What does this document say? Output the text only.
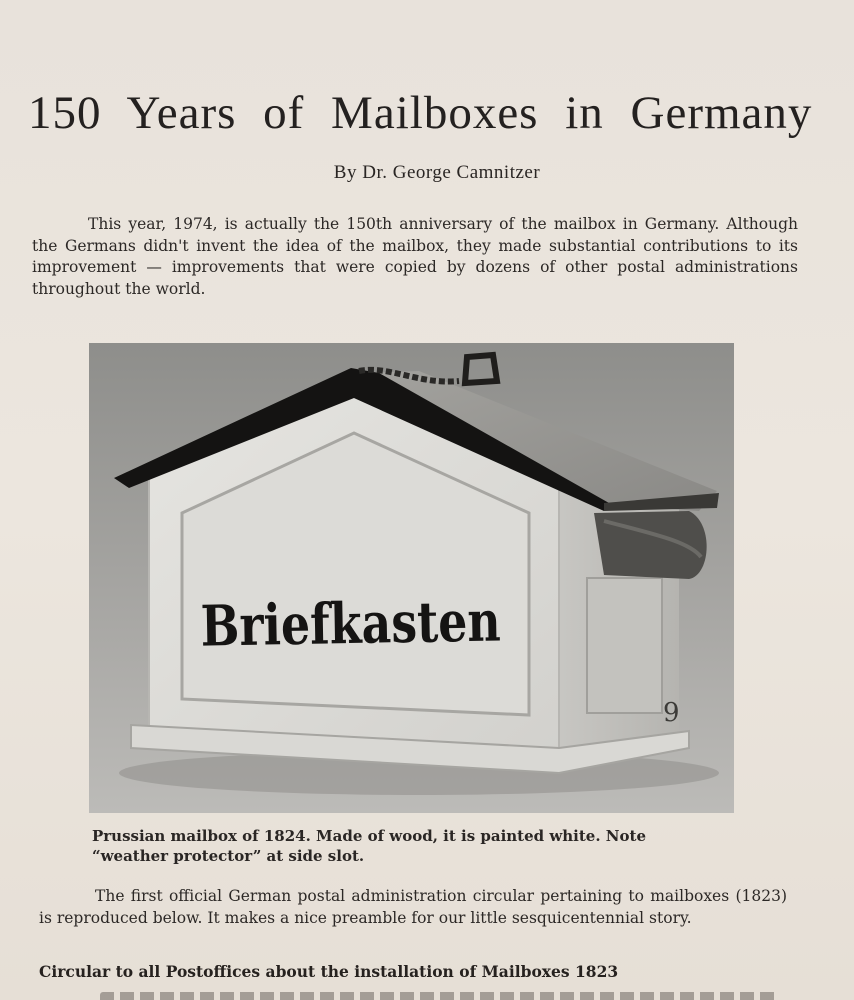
150 Years of Mailboxes in Germany
By Dr. George Camnitzer

This year, 1974, is actually the 150th anniversary of the mailbox in Germany. Although the Germans didn't invent the idea of the mailbox, they made substantial contributions to its improvement — improvements that were copied by dozens of other postal administrations throughout the world.

Briefkasten
9
Prussian mailbox of 1824. Made of wood, it is painted white. Note
“weather protector” at side slot.

The first official German postal administration circular pertaining to mailboxes (1823) is reproduced below. It makes a nice preamble for our little sesquicentennial story.

Circular to all Postoffices about the installation of Mailboxes 1823
